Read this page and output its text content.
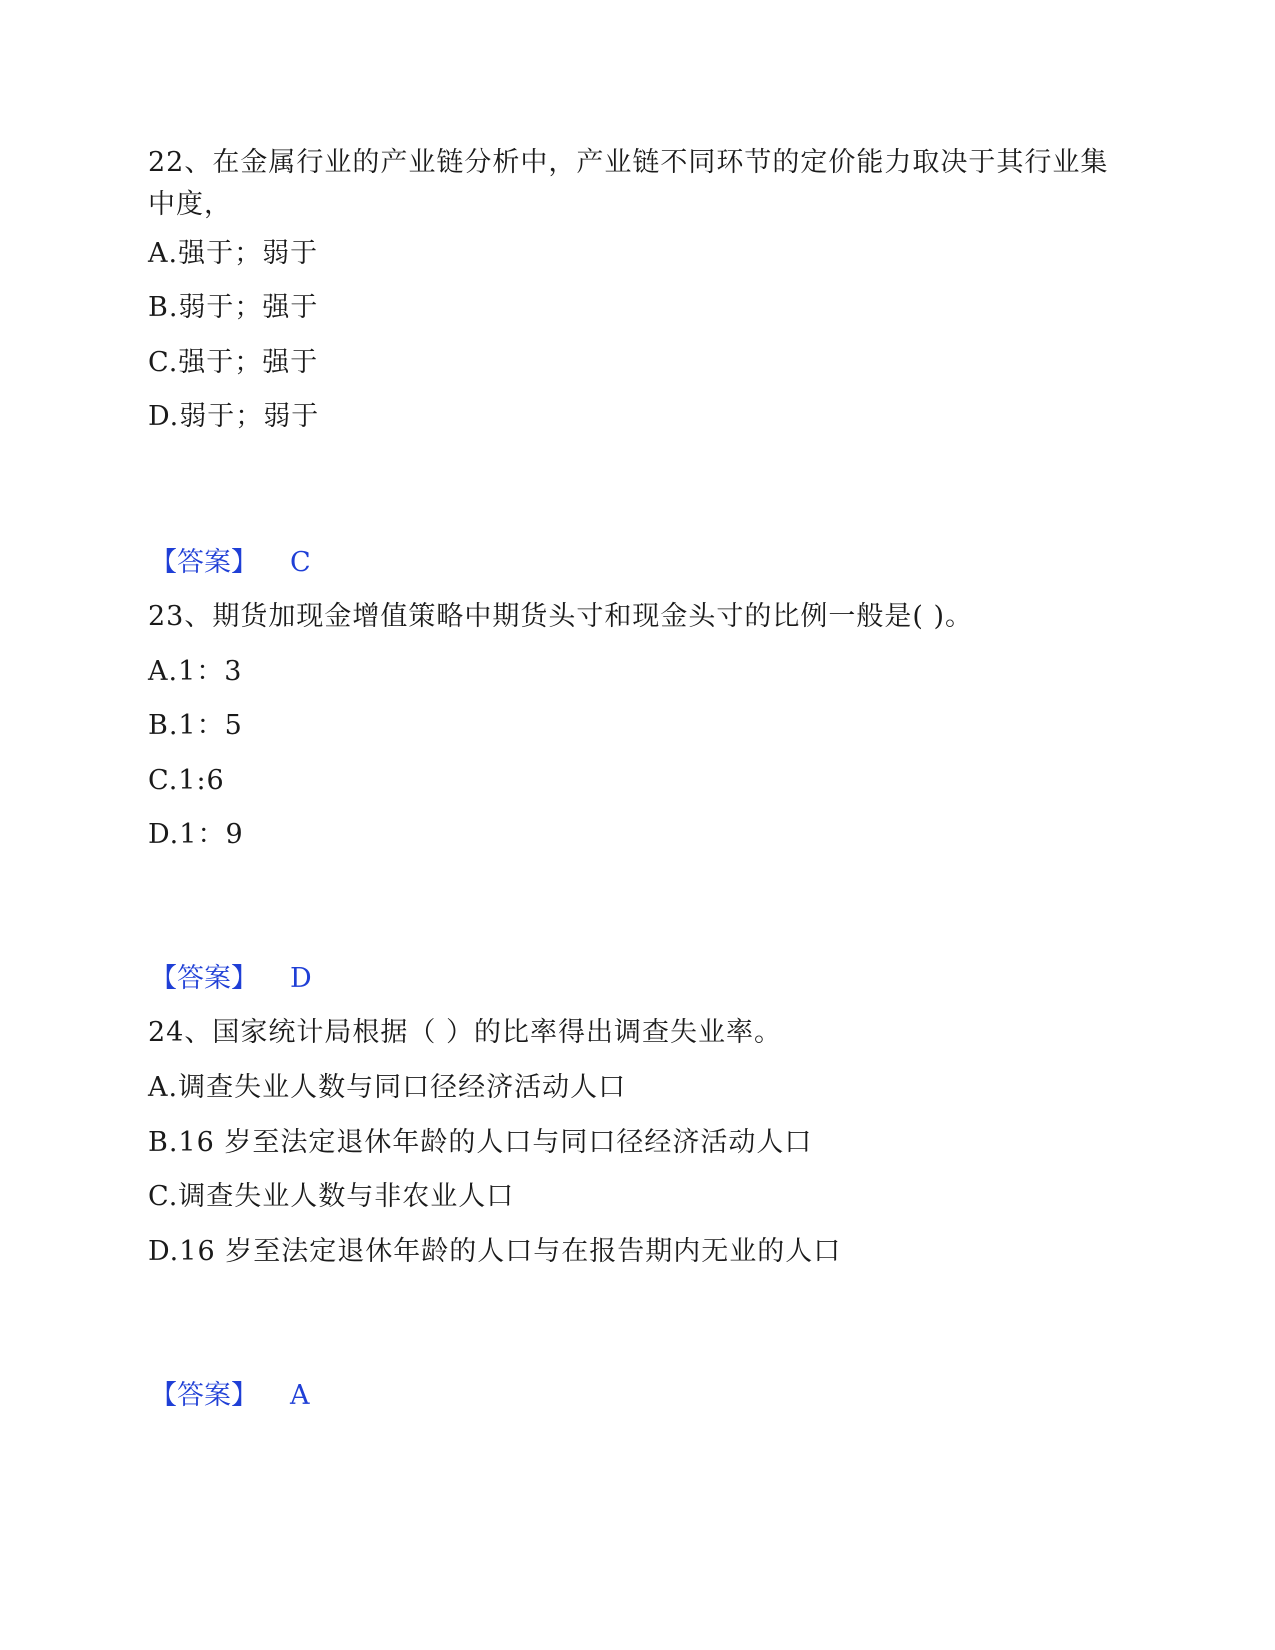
22、在金属行业的产业链分析中，产业链不同环节的定价能力取决于其行业集中度，
A.强于；弱于
B.弱于；强于
C.强于；强于
D.弱于；弱于
【答案】 C
23、期货加现金增值策略中期货头寸和现金头寸的比例一般是( )。
A.1：3
B.1：5
C.1:6
D.1：9
【答案】 D
24、国家统计局根据（ ）的比率得出调查失业率。
A.调查失业人数与同口径经济活动人口
B.16 岁至法定退休年龄的人口与同口径经济活动人口
C.调查失业人数与非农业人口
D.16 岁至法定退休年龄的人口与在报告期内无业的人口
【答案】 A
